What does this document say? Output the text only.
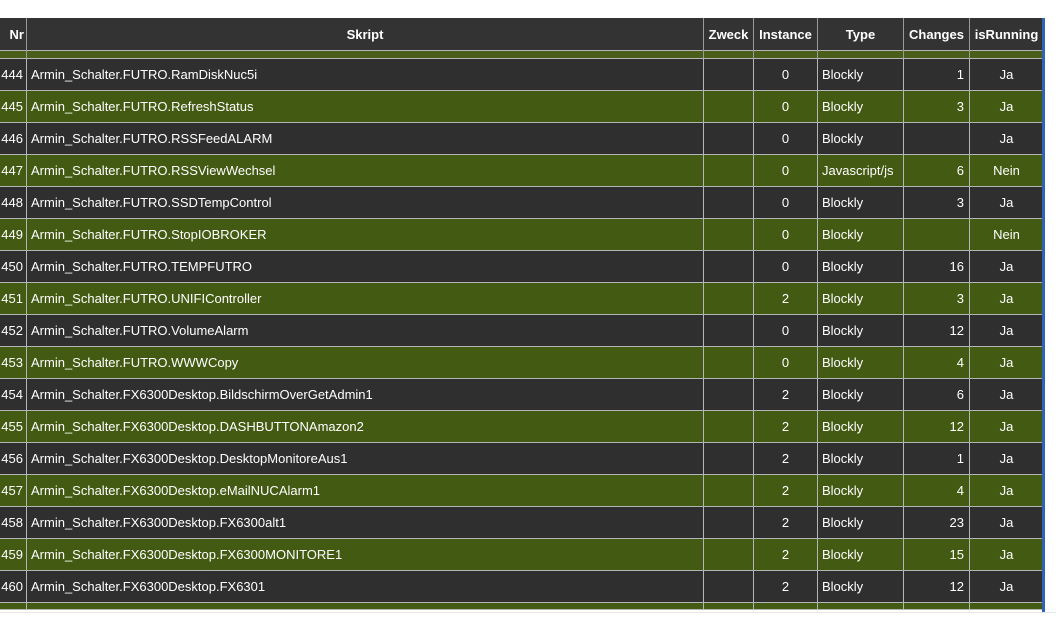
Nr	Skript	Zweck	Instance	Type	Changes	isRunning

444	Armin_Schalter.FUTRO.RamDiskNuc5i		0	Blockly	1	Ja
445	Armin_Schalter.FUTRO.RefreshStatus		0	Blockly	3	Ja
446	Armin_Schalter.FUTRO.RSSFeedALARM		0	Blockly		Ja
447	Armin_Schalter.FUTRO.RSSViewWechsel		0	Javascript/js	6	Nein
448	Armin_Schalter.FUTRO.SSDTempControl		0	Blockly	3	Ja
449	Armin_Schalter.FUTRO.StopIOBROKER		0	Blockly		Nein
450	Armin_Schalter.FUTRO.TEMPFUTRO		0	Blockly	16	Ja
451	Armin_Schalter.FUTRO.UNIFIController		2	Blockly	3	Ja
452	Armin_Schalter.FUTRO.VolumeAlarm		0	Blockly	12	Ja
453	Armin_Schalter.FUTRO.WWWCopy		0	Blockly	4	Ja
454	Armin_Schalter.FX6300Desktop.BildschirmOverGetAdmin1		2	Blockly	6	Ja
455	Armin_Schalter.FX6300Desktop.DASHBUTTONAmazon2		2	Blockly	12	Ja
456	Armin_Schalter.FX6300Desktop.DesktopMonitoreAus1		2	Blockly	1	Ja
457	Armin_Schalter.FX6300Desktop.eMailNUCAlarm1		2	Blockly	4	Ja
458	Armin_Schalter.FX6300Desktop.FX6300alt1		2	Blockly	23	Ja
459	Armin_Schalter.FX6300Desktop.FX6300MONITORE1		2	Blockly	15	Ja
460	Armin_Schalter.FX6300Desktop.FX6301		2	Blockly	12	Ja
